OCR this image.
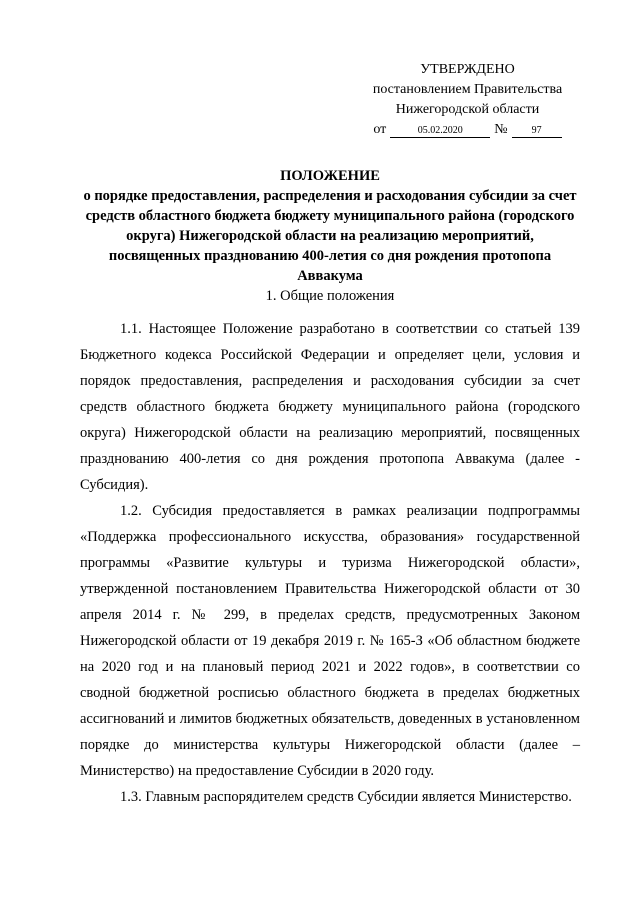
УТВЕРЖДЕНО
постановлением Правительства
Нижегородской области
от	05.02.2020	№	97
ПОЛОЖЕНИЕ
о порядке предоставления, распределения и расходования субсидии за счет средств областного бюджета бюджету муниципального района (городского округа) Нижегородской области на реализацию мероприятий, посвященных празднованию 400-летия со дня рождения протопопа Аввакума
1. Общие положения

1.1. Настоящее Положение разработано в соответствии со статьей 139 Бюджетного кодекса Российской Федерации и определяет цели, условия и порядок предоставления, распределения и расходования субсидии за счет средств областного бюджета бюджету муниципального района (городского округа) Нижегородской области на реализацию мероприятий, посвященных празднованию 400-летия со дня рождения протопопа Аввакума (далее - Субсидия).

1.2. Субсидия предоставляется в рамках реализации подпрограммы «Поддержка профессионального искусства, образования» государственной программы «Развитие культуры и туризма Нижегородской области», утвержденной постановлением Правительства Нижегородской области от 30 апреля 2014 г. № 299, в пределах средств, предусмотренных Законом Нижегородской области от 19 декабря 2019 г. № 165-З «Об областном бюджете на 2020 год и на плановый период 2021 и 2022 годов», в соответствии со сводной бюджетной росписью областного бюджета в пределах бюджетных ассигнований и лимитов бюджетных обязательств, доведенных в установленном порядке до министерства культуры Нижегородской области (далее – Министерство) на предоставление Субсидии в 2020 году.

1.3. Главным распорядителем средств Субсидии является Министерство.
